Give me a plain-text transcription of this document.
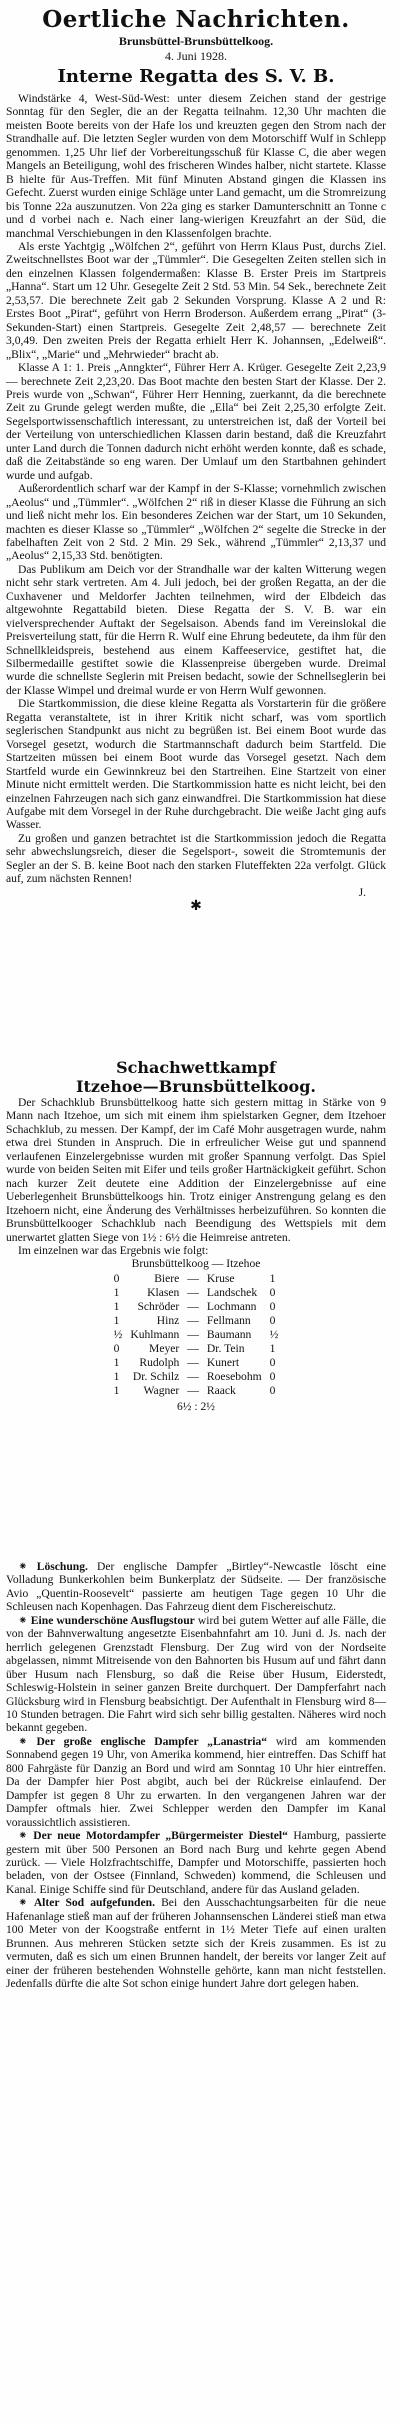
Oertliche Nachrichten.
Brunsbüttel-Brunsbüttelkoog.
4. Juni 1928.
Interne Regatta des S. V. B.

Windstärke 4, West-Süd-West: unter diesem Zeichen stand der gestrige Sonntag für den Segler, die an der Regatta teilnahm. 12,30 Uhr machten die meisten Boote bereits von der Hafe los und kreuzten gegen den Strom nach der Strandhalle auf. Die letzten Segler wurden von dem Motorschiff Wulf in Schlepp genommen. 1,25 Uhr lief der Vorbereitungsschuß für Klasse C, die aber wegen Mangels an Beteiligung, wohl des frischeren Windes halber, nicht startete. Klasse B hielte für Aus-Treffen. Mit fünf Minuten Abstand gingen die Klassen ins Gefecht. Zuerst wurden einige Schläge unter Land gemacht, um die Stromreizung bis Tonne 22a auszunutzen. Von 22a ging es starker Damunterschnitt an Tonne c und d vorbei nach e. Nach einer lang-wierigen Kreuzfahrt an der Süd, die manchmal Verschiebungen in den Klassenfolgen brachte.

Als erste Yachtgig „Wölfchen 2“, geführt von Herrn Klaus Pust, durchs Ziel. Zweitschnellstes Boot war der „Tümmler“. Die Gesegelten Zeiten stellen sich in den einzelnen Klassen folgendermaßen: Klasse B. Erster Preis im Startpreis „Hanna“. Start um 12 Uhr. Gesegelte Zeit 2 Std. 53 Min. 54 Sek., berechnete Zeit 2,53,57. Die berechnete Zeit gab 2 Sekunden Vorsprung. Klasse A 2 und R: Erstes Boot „Pirat“, geführt von Herrn Broderson. Außerdem errang „Pirat“ (3-Sekunden-Start) einen Startpreis. Gesegelte Zeit 2,48,57 — berechnete Zeit 3,0,49. Den zweiten Preis der Regatta erhielt Herr K. Johannsen, „Edelweiß“. „Blix“, „Marie“ und „Mehrwieder“ bracht ab.

Klasse A 1: 1. Preis „Anngkter“, Führer Herr A. Krüger. Gesegelte Zeit 2,23,9 — berechnete Zeit 2,23,20. Das Boot machte den besten Start der Klasse. Der 2. Preis wurde von „Schwan“, Führer Herr Henning, zuerkannt, da die berechnete Zeit zu Grunde gelegt werden mußte, die „Ella“ bei Zeit 2,25,30 erfolgte Zeit. Segelsportwissenschaftlich interessant, zu unterstreichen ist, daß der Vorteil bei der Verteilung von unterschiedlichen Klassen darin bestand, daß die Kreuzfahrt unter Land durch die Tonnen dadurch nicht erhöht werden konnte, daß es schade, daß die Zeitabstände so eng waren. Der Umlauf um den Startbahnen gehindert wurde und aufgab.

Außerordentlich scharf war der Kampf in der S-Klasse; vornehmlich zwischen „Aeolus“ und „Tümmler“. „Wölfchen 2“ riß in dieser Klasse die Führung an sich und ließ nicht mehr los. Ein besonderes Zeichen war der Start, um 10 Sekunden, machten es dieser Klasse so „Tümmler“ „Wölfchen 2“ segelte die Strecke in der fabelhaften Zeit von 2 Std. 2 Min. 29 Sek., während „Tümmler“ 2,13,37 und „Aeolus“ 2,15,33 Std. benötigten.

Das Publikum am Deich vor der Strandhalle war der kalten Witterung wegen nicht sehr stark vertreten. Am 4. Juli jedoch, bei der großen Regatta, an der die Cuxhavener und Meldorfer Jachten teilnehmen, wird der Elbdeich das altgewohnte Regattabild bieten. Diese Regatta der S. V. B. war ein vielversprechender Auftakt der Segelsaison. Abends fand im Vereinslokal die Preisverteilung statt, für die Herrn R. Wulf eine Ehrung bedeutete, da ihm für den Schnellkleidspreis, bestehend aus einem Kaffeeservice, gestiftet hat, die Silbermedaille gestiftet sowie die Klassenpreise übergeben wurde. Dreimal wurde die schnellste Seglerin mit Preisen bedacht, sowie der Schnellseglerin bei der Klasse Wimpel und dreimal wurde er von Herrn Wulf gewonnen.

Die Startkommission, die diese kleine Regatta als Vorstarterin für die größere Regatta veranstaltete, ist in ihrer Kritik nicht scharf, was vom sportlich seglerischen Standpunkt aus nicht zu begrüßen ist. Bei einem Boot wurde das Vorsegel gesetzt, wodurch die Startmannschaft dadurch beim Startfeld. Die Startzeiten müssen bei einem Boot wurde das Vorsegel gesetzt. Nach dem Startfeld wurde ein Gewinnkreuz bei den Startreihen. Eine Startzeit von einer Minute nicht ermittelt werden. Die Startkommission hatte es nicht leicht, bei den einzelnen Fahrzeugen nach sich ganz einwandfrei. Die Startkommission hat diese Aufgabe mit dem Vorsegel in der Ruhe durchgebracht. Die weiße Jacht ging aufs Wasser.

Zu großen und ganzen betrachtet ist die Startkommission jedoch die Regatta sehr abwechslungsreich, dieser die Segelsport-, soweit die Stromtemunis der Segler an der S. B. keine Boot nach den starken Fluteffekten 22a verfolgt. Glück auf, zum nächsten Rennen!

J.
✱
Schachwettkampf
Itzehoe—Brunsbüttelkoog.

Der Schachklub Brunsbüttelkoog hatte sich gestern mittag in Stärke von 9 Mann nach Itzehoe, um sich mit einem ihm spielstarken Gegner, dem Itzehoer Schachklub, zu messen. Der Kampf, der im Café Mohr ausgetragen wurde, nahm etwa drei Stunden in Anspruch. Die in erfreulicher Weise gut und spannend verlaufenen Einzelergebnisse wurden mit großer Spannung verfolgt. Das Spiel wurde von beiden Seiten mit Eifer und teils großer Hartnäckigkeit geführt. Schon nach kurzer Zeit deutete eine Addition der Einzelergebnisse auf eine Ueberlegenheit Brunsbüttelkoogs hin. Trotz einiger Anstrengung gelang es den Itzehoern nicht, eine Änderung des Verhältnisses herbeizuführen. So konnten die Brunsbüttelkooger Schachklub nach Beendigung des Wettspiels mit dem unerwartet glatten Siege von 1½ : 6½ die Heimreise antreten.

Im einzelnen war das Ergebnis wie folgt:

Brunsbüttelkoog — Itzehoe
0	Biere	—	Kruse	1
1	Klasen	—	Landschek	0
1	Schröder	—	Lochmann	0
1	Hinz	—	Fellmann	0
½	Kuhlmann	—	Baumann	½
0	Meyer	—	Dr. Tein	1
1	Rudolph	—	Kunert	0
1	Dr. Schilz	—	Roesebohm	0
1	Wagner	—	Raack	0
6½ : 2½

⁕ Löschung. Der englische Dampfer „Birtley“-Newcastle löscht eine Volladung Bunkerkohlen beim Bunkerplatz der Südseite. — Der französische Avio „Quentin-Roosevelt“ passierte am heutigen Tage gegen 10 Uhr die Schleusen nach Kopenhagen. Das Fahrzeug dient dem Fischereischutz.

⁕ Eine wunderschöne Ausflugstour wird bei gutem Wetter auf alle Fälle, die von der Bahnverwaltung angesetzte Eisenbahnfahrt am 10. Juni d. Js. nach der herrlich gelegenen Grenzstadt Flensburg. Der Zug wird von der Nordseite abgelassen, nimmt Mitreisende von den Bahnorten bis Husum auf und fährt dann über Husum nach Flensburg, so daß die Reise über Husum, Eiderstedt, Schleswig-Holstein in seiner ganzen Breite durchquert. Der Dampferfahrt nach Glücksburg wird in Flensburg beabsichtigt. Der Aufenthalt in Flensburg wird 8—10 Stunden betragen. Die Fahrt wird sich sehr billig gestalten. Näheres wird noch bekannt gegeben.

⁕ Der große englische Dampfer „Lanastria“ wird am kommenden Sonnabend gegen 19 Uhr, von Amerika kommend, hier eintreffen. Das Schiff hat 800 Fahrgäste für Danzig an Bord und wird am Sonntag 10 Uhr hier eintreffen. Da der Dampfer hier Post abgibt, auch bei der Rückreise einlaufend. Der Dampfer ist gegen 8 Uhr zu erwarten. In den vergangenen Jahren war der Dampfer oftmals hier. Zwei Schlepper werden den Dampfer im Kanal voraussichtlich assistieren.

⁕ Der neue Motordampfer „Bürgermeister Diestel“ Hamburg, passierte gestern mit über 500 Personen an Bord nach Burg und kehrte gegen Abend zurück. — Viele Holzfrachtschiffe, Dampfer und Motorschiffe, passierten hoch beladen, von der Ostsee (Finnland, Schweden) kommend, die Schleusen und Kanal. Einige Schiffe sind für Deutschland, andere für das Ausland geladen.

⁕ Alter Sod aufgefunden. Bei den Ausschachtungsarbeiten für die neue Hafenanlage stieß man auf der früheren Johannsenschen Länderei stieß man etwa 100 Meter von der Koogstraße entfernt in 1½ Meter Tiefe auf einen uralten Brunnen. Aus mehreren Stücken setzte sich der Kreis zusammen. Es ist zu vermuten, daß es sich um einen Brunnen handelt, der bereits vor langer Zeit auf einer der früheren bestehenden Wohnstelle gehörte, kann man nicht feststellen. Jedenfalls dürfte die alte Sot schon einige hundert Jahre dort gelegen haben.
